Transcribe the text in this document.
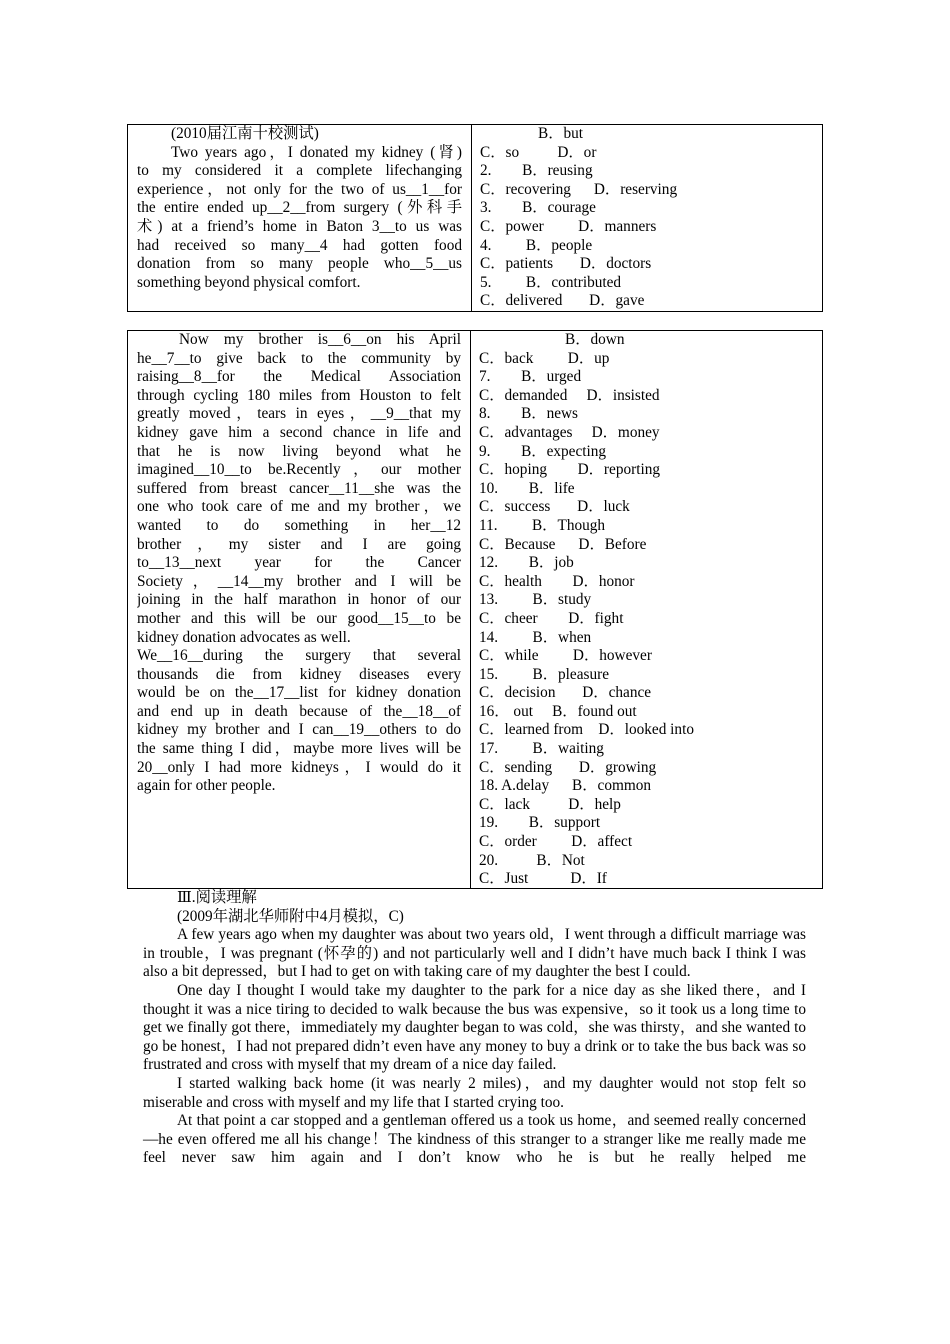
(2010届江南十校测试)
Two years ago，I donated my kidney (肾)
to my considered it a complete lifechanging
experience，not only for the two of us__1__for
the entire ended up__2__from surgery (外科手
术) at a friend’s home in Baton 3__to us was
had received so many__4 had gotten food
donation from so many people who__5__us
something beyond physical comfort.
B．but
C．so          D．or
2.        B．reusing
C．recovering      D．reserving
3.        B．courage
C．power         D．manners
4.         B．people
C．patients       D．doctors
5.         B．contributed
C．delivered       D．gave
Now my brother is__6__on his April
he__7__to give back to the community by
raising__8__for the Medical Association
through cycling 180 miles from Houston to felt
greatly moved，tears in eyes，__9__that my
kidney gave him a second chance in life and
that he is now living beyond what he
imagined__10__to be.Recently，our mother
suffered from breast cancer__11__she was the
one who took care of me and my brother，we
wanted to do something in her__12
brother，my sister and I are going
to__13__next year for the Cancer
Society，__14__my brother and I will be
joining in the half marathon in honor of our
mother and this will be our good__15__to be
kidney donation advocates as well.
We__16__during the surgery that several
thousands die from kidney diseases every
would be on the__17__list for kidney donation
and end up in death because of the__18__of
kidney my brother and I can__19__others to do
the same thing I did，maybe more lives will be
20__only I had more kidneys，I would do it
again for other people.
B．down
C．back         D．up
7.        B．urged
C．demanded     D．insisted
8.        B．news
C．advantages     D．money
9.        B．expecting
C．hoping        D．reporting
10.        B．life
C．success       D．luck
11.         B．Though
C．Because      D．Before
12.        B．job
C．health        D．honor
13.         B．study
C．cheer        D．fight
14.         B．when
C．while         D．however
15.         B．pleasure
C．decision       D．chance
16． out     B．found out
C．learned from    D．looked into
17.         B．waiting
C．sending       D．growing
18. A.delay      B．common
C．lack          D．help
19.        B．support
C．order         D．affect
20.          B．Not
C．Just           D．If
Ⅲ.阅读理解
(2009年湖北华师附中4月模拟，C)
A few years ago when my daughter was about two years old，I went through a difficult marriage was in trouble，I was pregnant (怀孕的) and not particularly well and I didn’t have much back I think I was also a bit depressed，but I had to get on with taking care of my daughter the best I could.
One day I thought I would take my daughter to the park for a nice day as she liked there，and I thought it was a nice tiring to decided to walk because the bus was expensive，so it took us a long time to get we finally got there，immediately my daughter began to was cold，she was thirsty，and she wanted to go be honest，I had not prepared didn’t even have any money to buy a drink or to take the bus back was so frustrated and cross with myself that my dream of a nice day failed.
I started walking back home (it was nearly 2 miles)，and my daughter would not stop felt so miserable and cross with myself and my life that I started crying too.
At that point a car stopped and a gentleman offered us a took us home，and seemed really concerned—he even offered me all his change！The kindness of this stranger to a stranger like me really made me feel never saw him again and I don’t know who he is but he really helped me
